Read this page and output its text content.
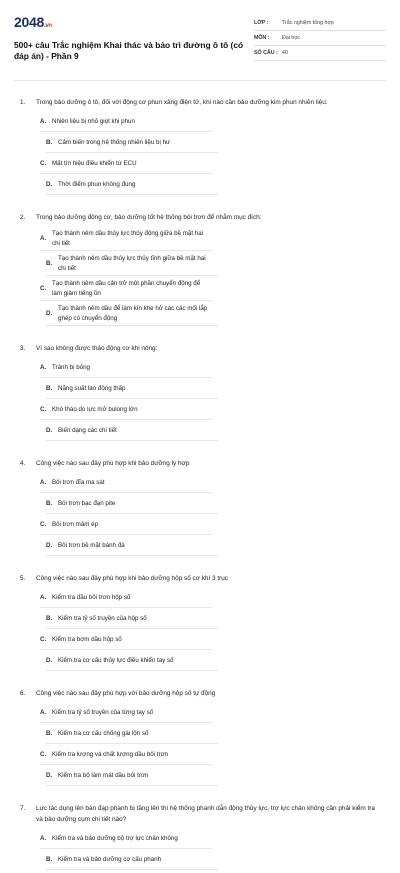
2048.vn
500+ câu Trắc nghiệm Khai thác và bảo trì đường ô tô (có đáp án) - Phần 9
LỚP :	Trắc nghiệm tổng hợp
MÔN :	Đại học
SỐ CÂU : 40
1.	Trong bảo dưỡng ô tô, đối với động cơ phun xăng điện tử, khi nào cần bảo dưỡng kim phun nhiên liệu:
A. Nhiên liệu bị nhỏ giọt khi phun
B. Cảm biến trong hệ thống nhiên liệu bị hư
C. Mất tín hiệu điều khiển từ ECU
D. Thời điểm phun không đúng
2.	Trong bảo dưỡng động cơ, bảo dưỡng tốt hệ thống bôi trơn để nhằm mục đích:
A.
Tạo thành nêm dầu thủy lực thủy động giữa bề mặt hai chi tiết
B.
Tạo thành nêm dầu thủy lực thủy tĩnh giữa bề mặt hai chi tiết
C.
Tạo thành nêm dầu cản trở một phần chuyển động để làm giảm tiếng ồn
D.
Tạo thành nêm dầu để làm kín khe hở các các mối lắp ghép có chuyển động
3.	Vì sao không được tháo động cơ khi nóng:
A. Tránh bị bỏng
B. Năng suất lao động thấp
C. Khó tháo do lực mở bulong lớn
D. Biến dạng các chi tiết
4.	Công việc nào sau đây phù hợp khi bảo dưỡng ly hợp
A. Bôi trơn đĩa ma sát
B. Bôi trơn bạc đạn pite
C. Bôi trơn mâm ép
D. Bôi trơn bề mặt bánh đà
5.	Công việc nào sau đây phù hợp khi bảo dưỡng hộp số cơ khí 3 trục
A. Kiểm tra dầu bôi trơn hộp số
B. Kiểm tra tỷ số truyền của hộp số
C. Kiểm tra bơm dầu hộp số
D. Kiểm tra cơ cấu thủy lực điều khiển tay số
6.	Công việc nào sau đây phù hợp với bảo dưỡng hộp số tự động
A. Kiểm tra tỷ số truyền của từng tay số
B. Kiểm tra cơ cấu chống gài lộn số
C. Kiểm tra lượng và chất lượng dầu bôi trơn
D. Kiểm tra bộ làm mát dầu bôi trơn
7.	Lực tác dụng lên bàn đạp phanh bị tăng lên thì hệ thống phanh dẫn động thủy lực, trợ lực chân không cần phải kiểm tra và bảo dưỡng cụm chi tiết nào?
A. Kiểm tra và bảo dưỡng bộ trợ lực chân không
B. Kiểm tra và bảo dưỡng cơ cấu phanh
